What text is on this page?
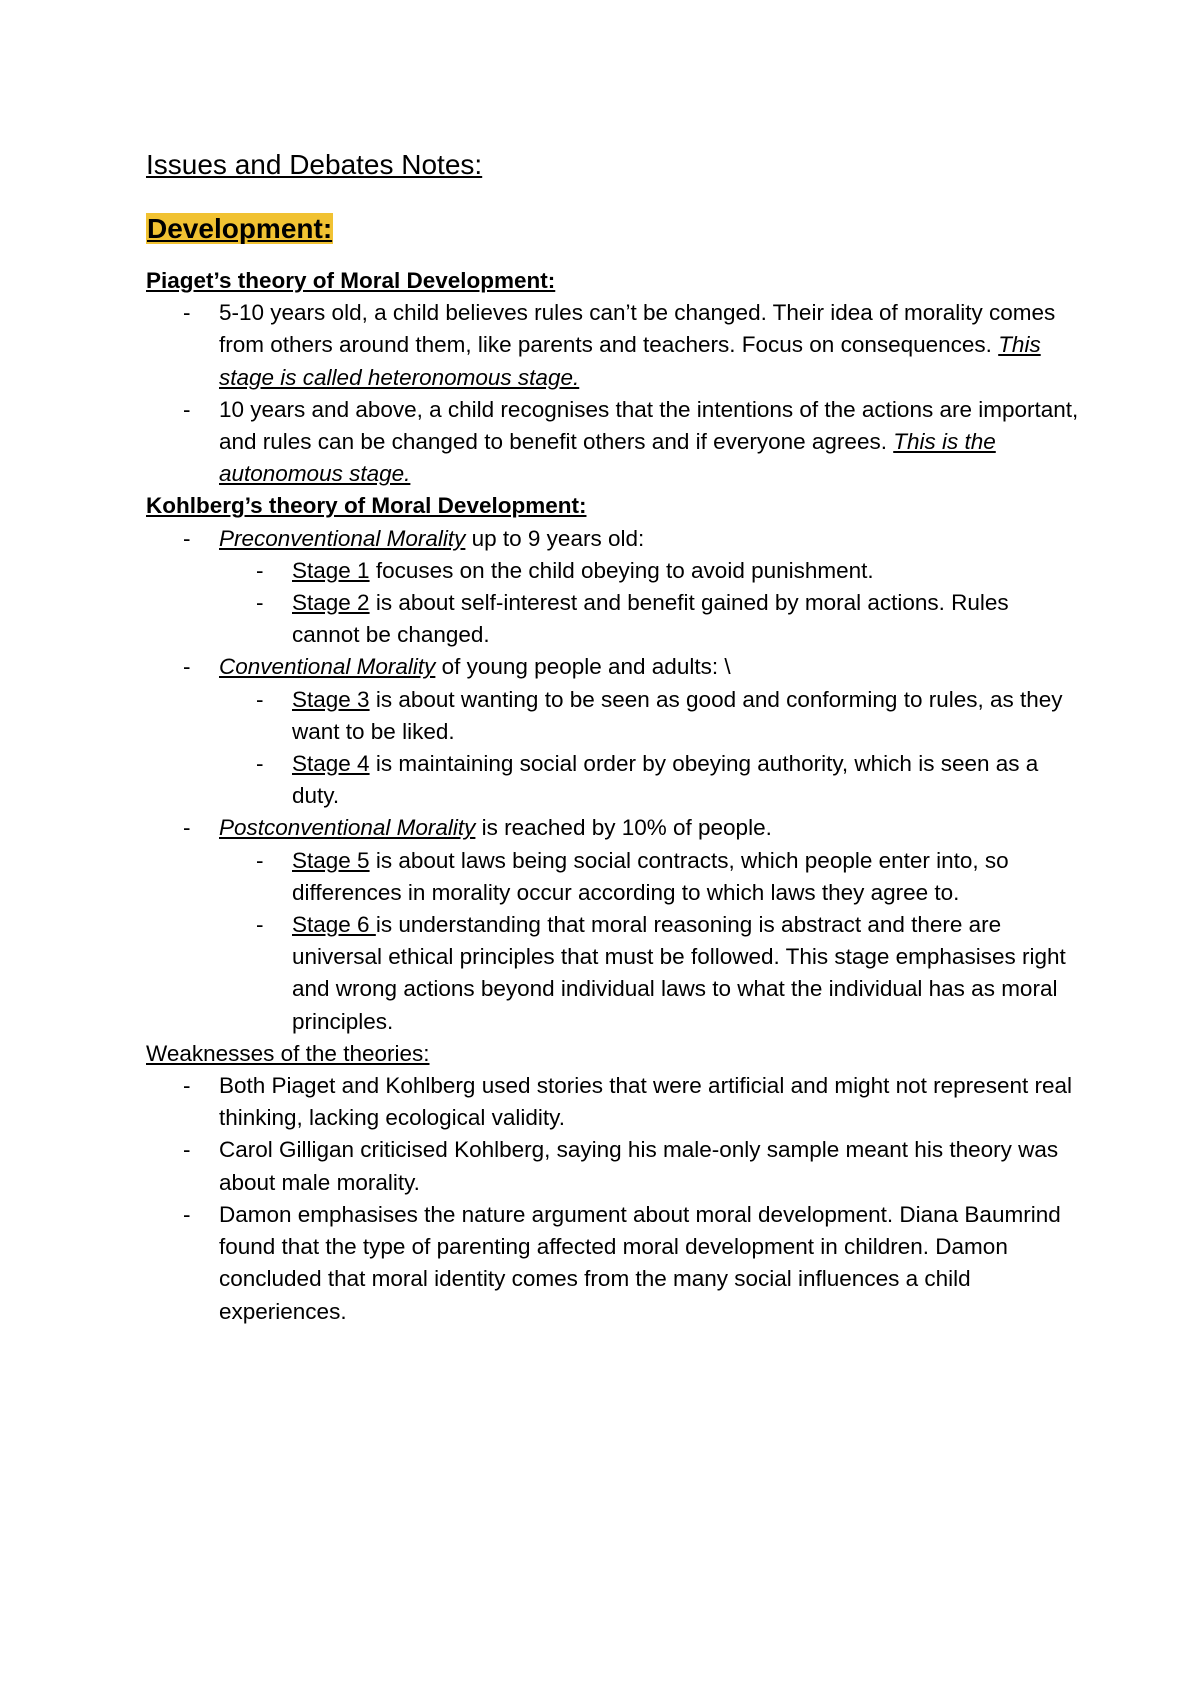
Issues and Debates Notes:
Development:
Piaget’s theory of Moral Development:
- 5-10 years old, a child believes rules can’t be changed. Their idea of morality comes from others around them, like parents and teachers. Focus on consequences. This stage is called heteronomous stage.
- 10 years and above, a child recognises that the intentions of the actions are important, and rules can be changed to benefit others and if everyone agrees. This is the autonomous stage.
Kohlberg’s theory of Moral Development:
- Preconventional Morality up to 9 years old:
- Stage 1 focuses on the child obeying to avoid punishment.
- Stage 2 is about self-interest and benefit gained by moral actions. Rules cannot be changed.
- Conventional Morality of young people and adults: \
- Stage 3 is about wanting to be seen as good and conforming to rules, as they want to be liked.
- Stage 4 is maintaining social order by obeying authority, which is seen as a duty.
- Postconventional Morality is reached by 10% of people.
- Stage 5 is about laws being social contracts, which people enter into, so differences in morality occur according to which laws they agree to.
- Stage 6 is understanding that moral reasoning is abstract and there are universal ethical principles that must be followed. This stage emphasises right and wrong actions beyond individual laws to what the individual has as moral principles.
Weaknesses of the theories:
- Both Piaget and Kohlberg used stories that were artificial and might not represent real thinking, lacking ecological validity.
- Carol Gilligan criticised Kohlberg, saying his male-only sample meant his theory was about male morality.
- Damon emphasises the nature argument about moral development. Diana Baumrind found that the type of parenting affected moral development in children. Damon concluded that moral identity comes from the many social influences a child experiences.
